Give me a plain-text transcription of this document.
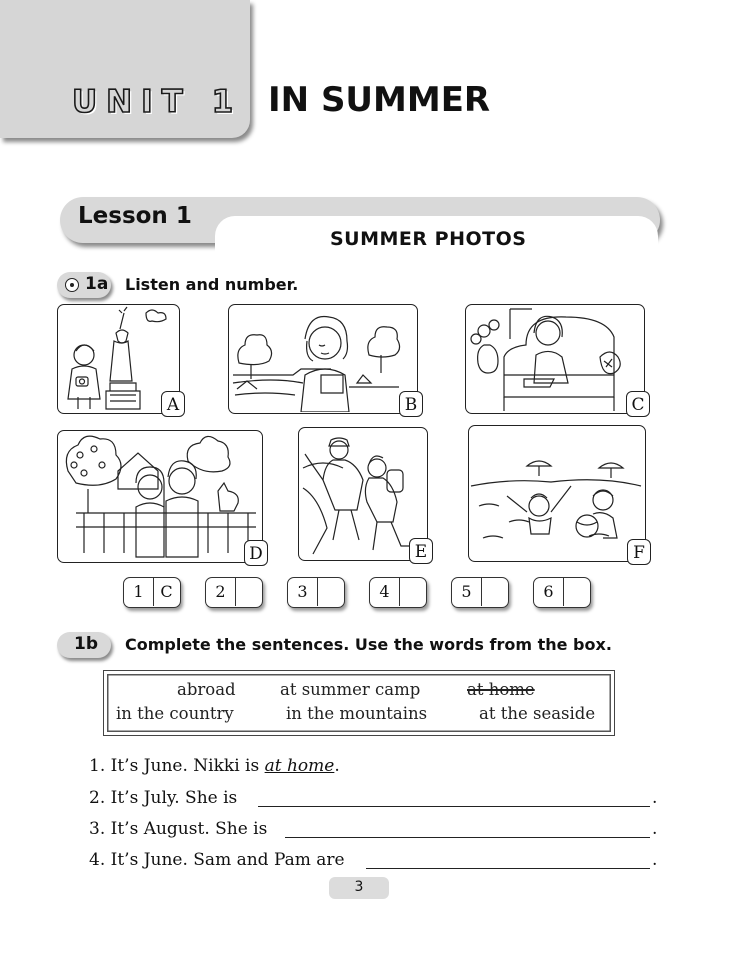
UNIT 1 IN SUMMER
Lesson 1
SUMMER PHOTOS
1a Listen and number.
A	B	C
D	E	F
1	C	2	3	4	5	6
1b Complete the sentences. Use the words from the box.
abroad	at summer camp	at home
in the country	in the mountains	at the seaside
1. It’s June. Nikki is at home.
2. It’s July. She is	.
3. It’s August. She is	.
4. It’s June. Sam and Pam are	.
3
